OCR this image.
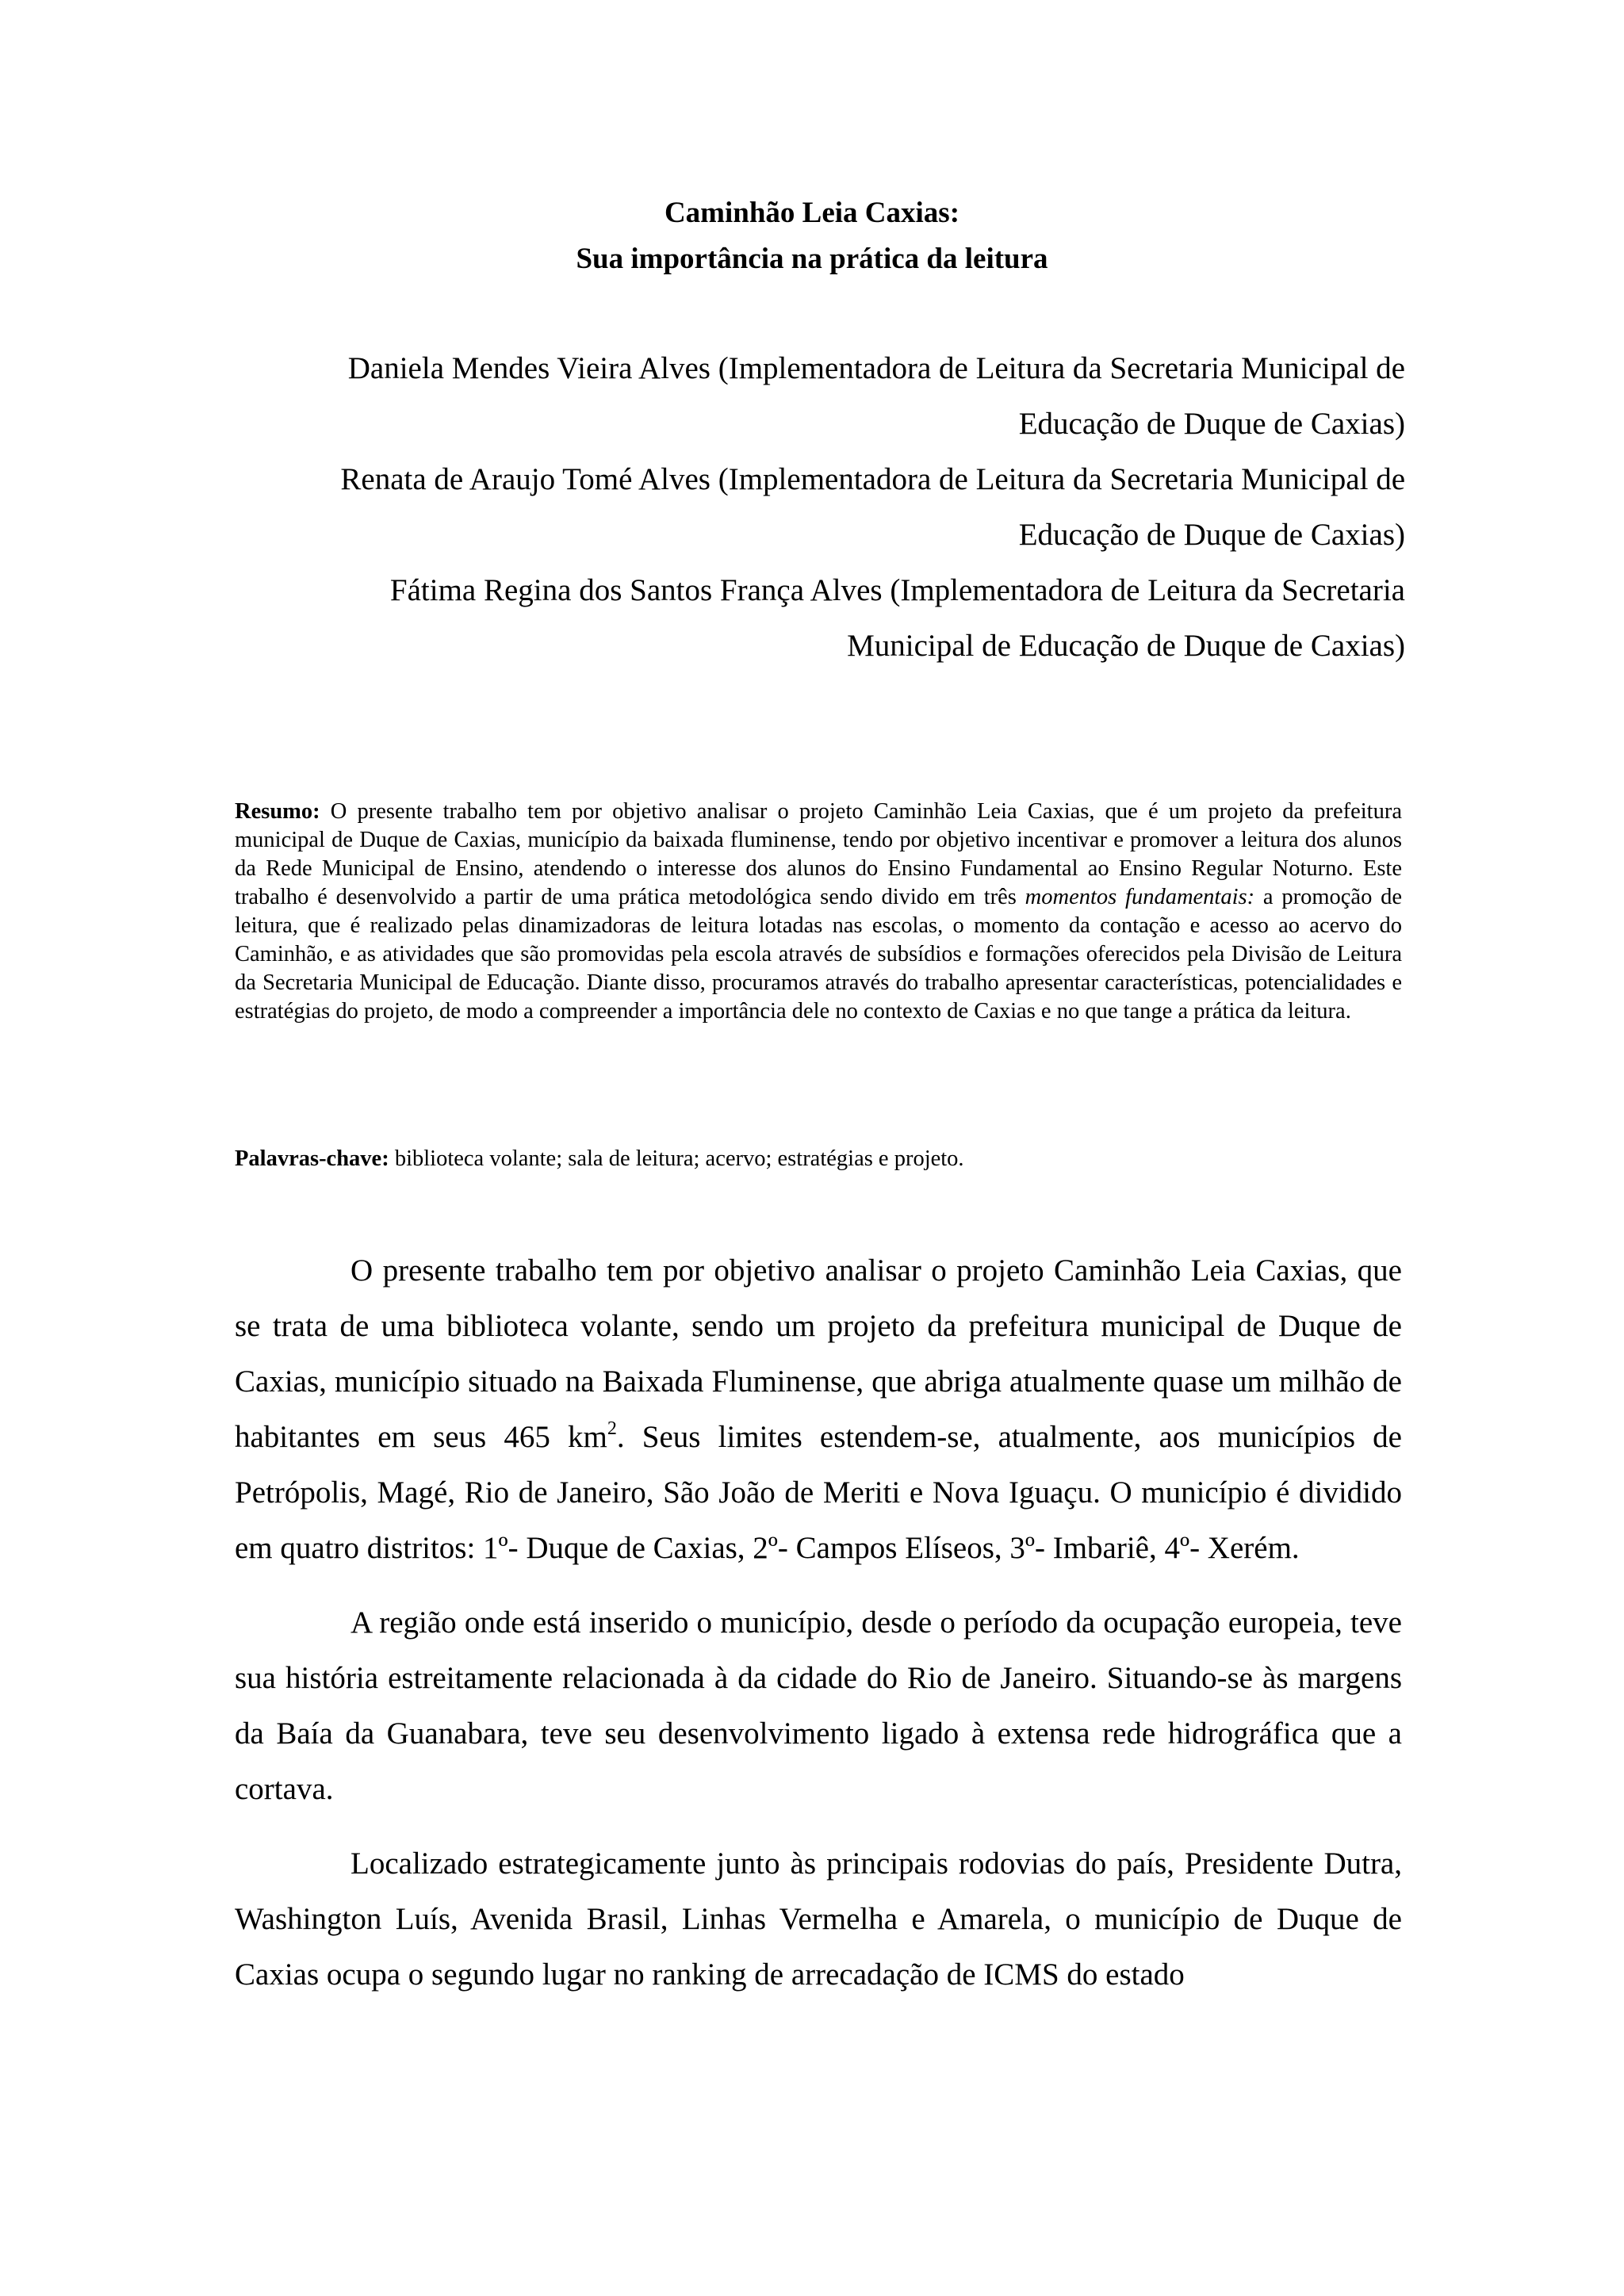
Caminhão Leia Caxias:
Sua importância na prática da leitura
Daniela Mendes Vieira Alves (Implementadora de Leitura da Secretaria Municipal de
Educação de Duque de Caxias)
Renata de Araujo Tomé Alves (Implementadora de Leitura da Secretaria Municipal de
Educação de Duque de Caxias)
Fátima Regina dos Santos França Alves (Implementadora de Leitura da Secretaria
Municipal de Educação de Duque de Caxias)
Resumo: O presente trabalho tem por objetivo analisar o projeto Caminhão Leia Caxias, que é um projeto da prefeitura municipal de Duque de Caxias, município da baixada fluminense, tendo por objetivo incentivar e promover a leitura dos alunos da Rede Municipal de Ensino, atendendo o interesse dos alunos do Ensino Fundamental ao Ensino Regular Noturno. Este trabalho é desenvolvido a partir de uma prática metodológica sendo divido em três momentos fundamentais: a promoção de leitura, que é realizado pelas dinamizadoras de leitura lotadas nas escolas, o momento da contação e acesso ao acervo do Caminhão, e as atividades que são promovidas pela escola através de subsídios e formações oferecidos pela Divisão de Leitura da Secretaria Municipal de Educação. Diante disso, procuramos através do trabalho apresentar características, potencialidades e estratégias do projeto, de modo a compreender a importância dele no contexto de Caxias e no que tange a prática da leitura.
Palavras-chave: biblioteca volante; sala de leitura; acervo; estratégias e projeto.

O presente trabalho tem por objetivo analisar o projeto Caminhão Leia Caxias, que se trata de uma biblioteca volante, sendo um projeto da prefeitura municipal de Duque de Caxias, município situado na Baixada Fluminense, que abriga atualmente quase um milhão de habitantes em seus 465 $km^2$. Seus limites estendem-se, atualmente, aos municípios de Petrópolis, Magé, Rio de Janeiro, São João de Meriti e Nova Iguaçu. O município é dividido em quatro distritos: 1º- Duque de Caxias, 2º- Campos Elíseos, 3º- Imbariê, 4º- Xerém.

A região onde está inserido o município, desde o período da ocupação europeia, teve sua história estreitamente relacionada à da cidade do Rio de Janeiro. Situando-se às margens da Baía da Guanabara, teve seu desenvolvimento ligado à extensa rede hidrográfica que a cortava.

Localizado estrategicamente junto às principais rodovias do país, Presidente Dutra, Washington Luís, Avenida Brasil, Linhas Vermelha e Amarela, o município de Duque de Caxias ocupa o segundo lugar no ranking de arrecadação de ICMS do estado
